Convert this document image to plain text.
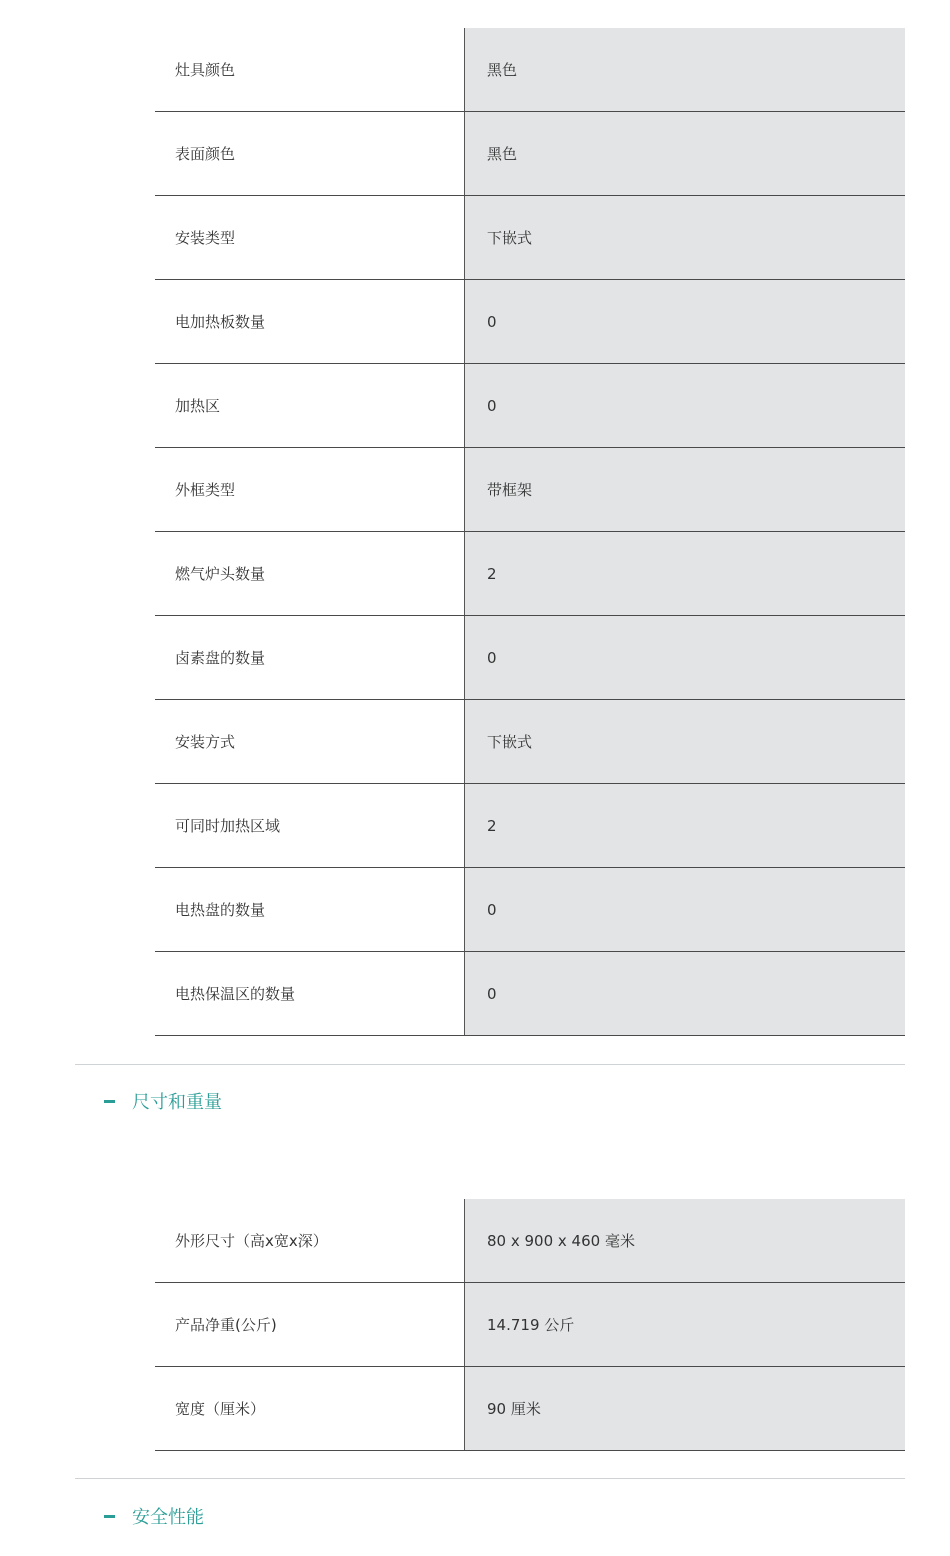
灶具颜色	黑色
表面颜色	黑色
安装类型	下嵌式
电加热板数量	0
加热区	0
外框类型	带框架
燃气炉头数量	2
卤素盘的数量	0
安装方式	下嵌式
可同时加热区域	2
电热盘的数量	0
电热保温区的数量	0
尺寸和重量
外形尺寸（高x宽x深）	80 x 900 x 460 毫米
产品净重(公斤)	14.719 公斤
宽度（厘米）	90 厘米
安全性能
